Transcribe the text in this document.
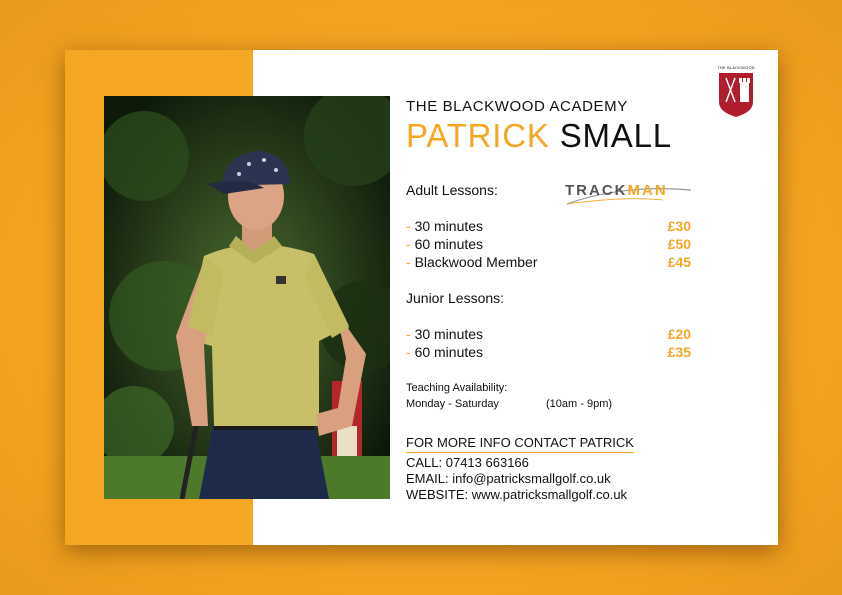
THE BLACKWOOD
THE BLACKWOOD ACADEMY
PATRICK SMALL
Adult Lessons:	TRACKMAN
- 30 minutes	£30
- 60 minutes	£50
- Blackwood Member	£45
Junior Lessons:
- 30 minutes	£20
- 60 minutes	£35
Teaching Availability:
Monday - Saturday	(10am - 9pm)
FOR MORE INFO CONTACT PATRICK
CALL: 07413 663166
EMAIL: info@patricksmallgolf.co.uk
WEBSITE: www.patricksmallgolf.co.uk
